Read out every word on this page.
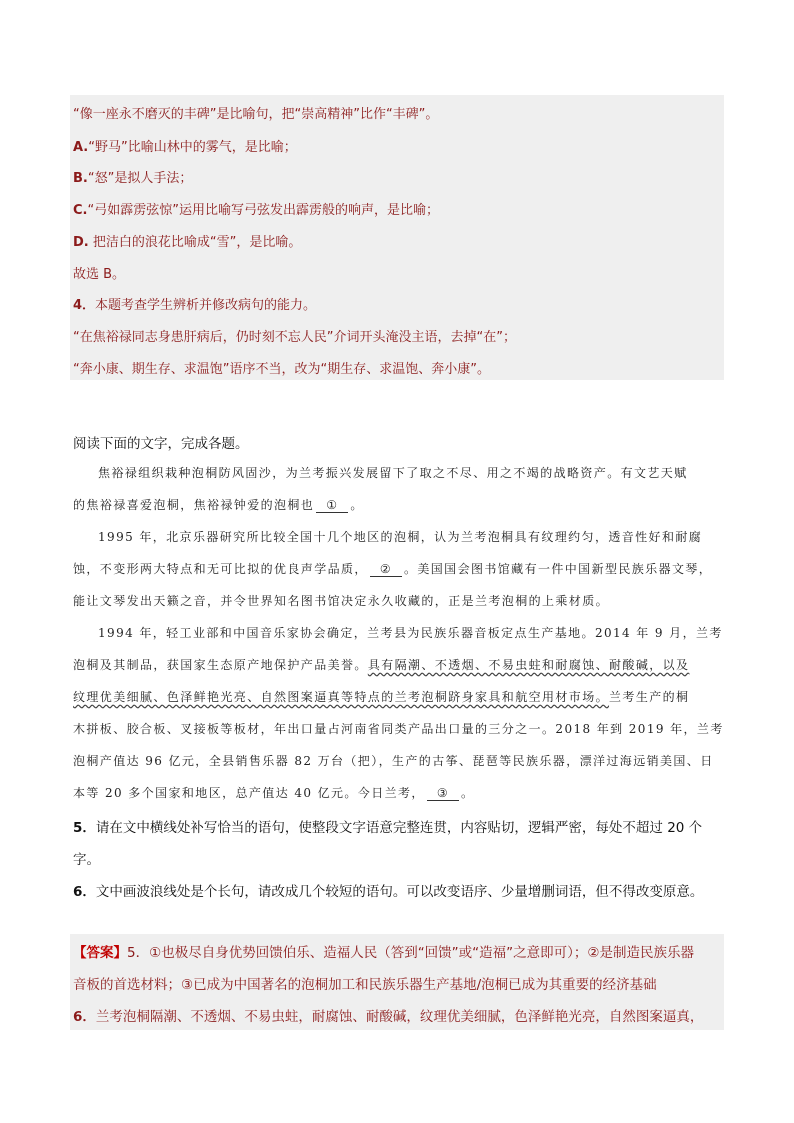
“像一座永不磨灭的丰碑”是比喻句，把“崇高精神”比作“丰碑”。
A.“野马”比喻山林中的雾气，是比喻；
B.“怒”是拟人手法；
C.“弓如霹雳弦惊”运用比喻写弓弦发出霹雳般的响声，是比喻；
D. 把洁白的浪花比喻成“雪”，是比喻。
故选 B。
4．本题考查学生辨析并修改病句的能力。
“在焦裕禄同志身患肝病后，仍时刻不忘人民”介词开头淹没主语，去掉“在”；
“奔小康、期生存、求温饱”语序不当，改为“期生存、求温饱、奔小康”。
阅读下面的文字，完成各题。
焦裕禄组织栽种泡桐防风固沙，为兰考振兴发展留下了取之不尽、用之不竭的战略资产。有文艺天赋
的焦裕禄喜爱泡桐，焦裕禄钟爱的泡桐也 ① 。
1995 年，北京乐器研究所比较全国十几个地区的泡桐，认为兰考泡桐具有纹理约匀，透音性好和耐腐
蚀，不变形两大特点和无可比拟的优良声学品质， ② 。美国国会图书馆藏有一件中国新型民族乐器文琴，
能让文琴发出天籁之音，并令世界知名图书馆决定永久收藏的，正是兰考泡桐的上乘材质。
1994 年，轻工业部和中国音乐家协会确定，兰考县为民族乐器音板定点生产基地。2014 年 9 月，兰考
泡桐及其制品，获国家生态原产地保护产品美誉。具有隔潮、不透烟、不易虫蛀和耐腐蚀、耐酸碱，以及
纹理优美细腻、色泽鲜艳光亮、自然图案逼真等特点的兰考泡桐跻身家具和航空用材市场。兰考生产的桐
木拼板、胶合板、叉接板等板材，年出口量占河南省同类产品出口量的三分之一。2018 年到 2019 年，兰考
泡桐产值达 96 亿元，全县销售乐器 82 万台（把），生产的古筝、琵琶等民族乐器，漂洋过海远销美国、日
本等 20 多个国家和地区，总产值达 40 亿元。今日兰考， ③ 。
5．请在文中横线处补写恰当的语句，使整段文字语意完整连贯，内容贴切，逻辑严密，每处不超过 20 个
字。
6．文中画波浪线处是个长句，请改成几个较短的语句。可以改变语序、少量增删词语，但不得改变原意。
【答案】5．①也极尽自身优势回馈伯乐、造福人民（答到“回馈”或“造福”之意即可）；②是制造民族乐器
音板的首选材料；③已成为中国著名的泡桐加工和民族乐器生产基地/泡桐已成为其重要的经济基础
6．兰考泡桐隔潮、不透烟、不易虫蛀，耐腐蚀、耐酸碱，纹理优美细腻，色泽鲜艳光亮，自然图案逼真，
